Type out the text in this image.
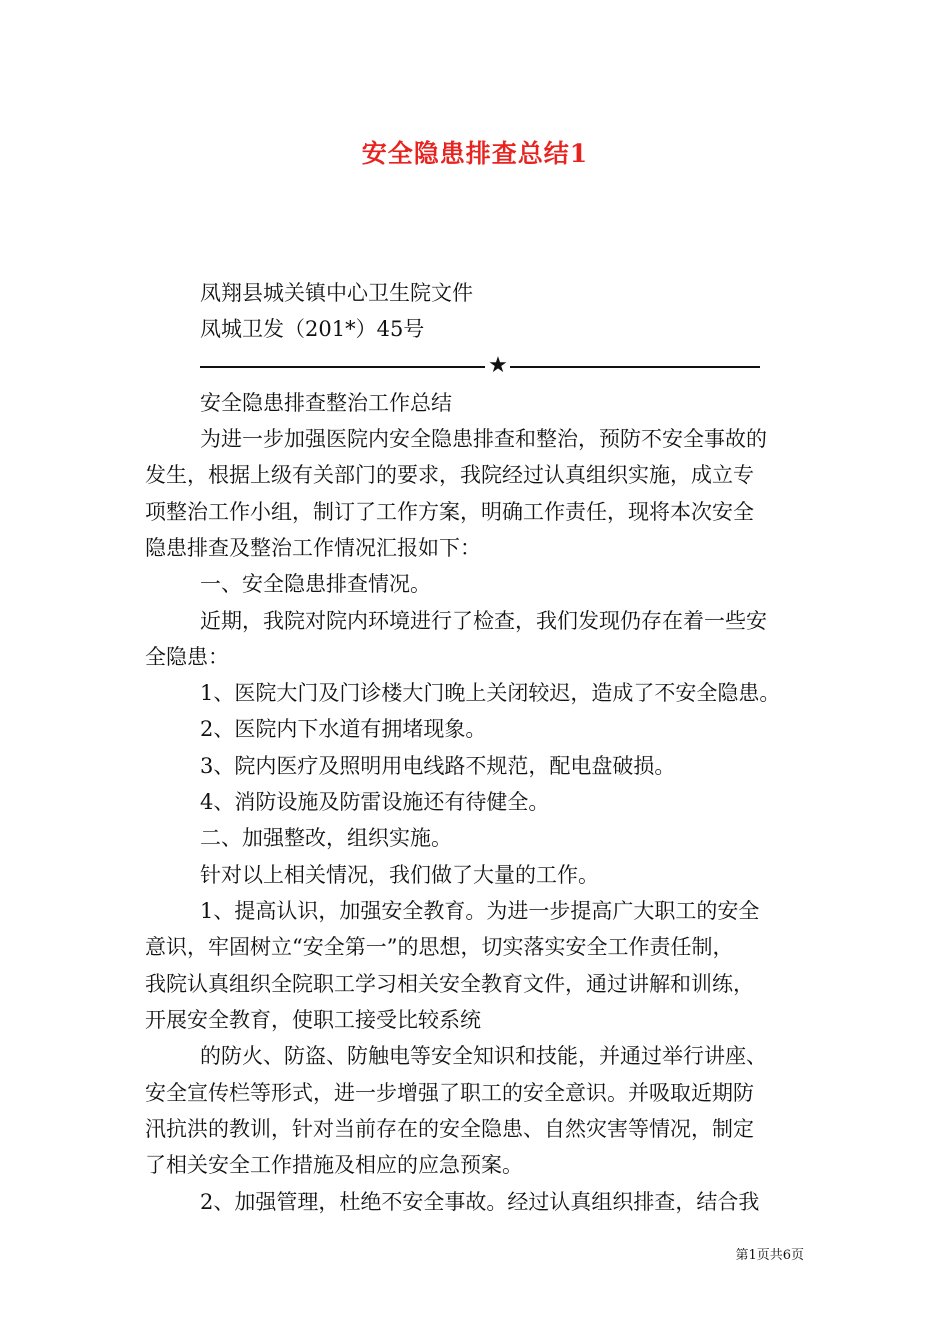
安全隐患排查总结1
凤翔县城关镇中心卫生院文件
凤城卫发（201*）45号
★
安全隐患排查整治工作总结
为进一步加强医院内安全隐患排查和整治，预防不安全事故的
发生，根据上级有关部门的要求，我院经过认真组织实施，成立专
项整治工作小组，制订了工作方案，明确工作责任，现将本次安全
隐患排查及整治工作情况汇报如下：
一、安全隐患排查情况。
近期，我院对院内环境进行了检查，我们发现仍存在着一些安
全隐患：
1、医院大门及门诊楼大门晚上关闭较迟，造成了不安全隐患。
2、医院内下水道有拥堵现象。
3、院内医疗及照明用电线路不规范，配电盘破损。
4、消防设施及防雷设施还有待健全。
二、加强整改，组织实施。
针对以上相关情况，我们做了大量的工作。
1、提高认识，加强安全教育。为进一步提高广大职工的安全
意识，牢固树立“安全第一”的思想，切实落实安全工作责任制，
我院认真组织全院职工学习相关安全教育文件，通过讲解和训练，
开展安全教育，使职工接受比较系统
的防火、防盗、防触电等安全知识和技能，并通过举行讲座、
安全宣传栏等形式，进一步增强了职工的安全意识。并吸取近期防
汛抗洪的教训，针对当前存在的安全隐患、自然灾害等情况，制定
了相关安全工作措施及相应的应急预案。
2、加强管理，杜绝不安全事故。经过认真组织排查，结合我
第1页共6页
